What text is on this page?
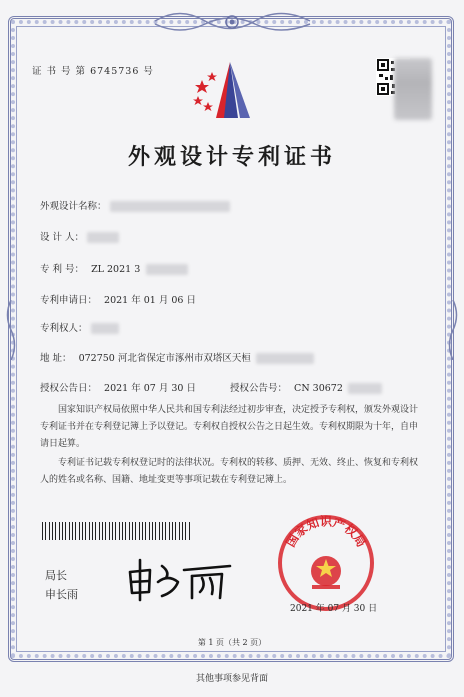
证 书 号 第 6745736 号
外观设计专利证书
外观设计名称：
设 计 人：
专 利 号： ZL 2021 3
专利申请日： 2021 年 01 月 06 日
专利权人：
地 址： 072750 河北省保定市涿州市双塔区天桓
授权公告日： 2021 年 07 月 30 日	授权公告号： CN 30672
国家知识产权局依照中华人民共和国专利法经过初步审查，决定授予专利权，颁发外观设计专利证书并在专利登记簿上予以登记。专利权自授权公告之日起生效。专利权期限为十年，自申请日起算。
专利证书记载专利权登记时的法律状况。专利权的转移、质押、无效、终止、恢复和专利权人的姓名或名称、国籍、地址变更等事项记载在专利登记簿上。
局长
申长雨
国家知识产权局
2021 年 07 月 30 日
第 1 页（共 2 页）
其他事项参见背面
